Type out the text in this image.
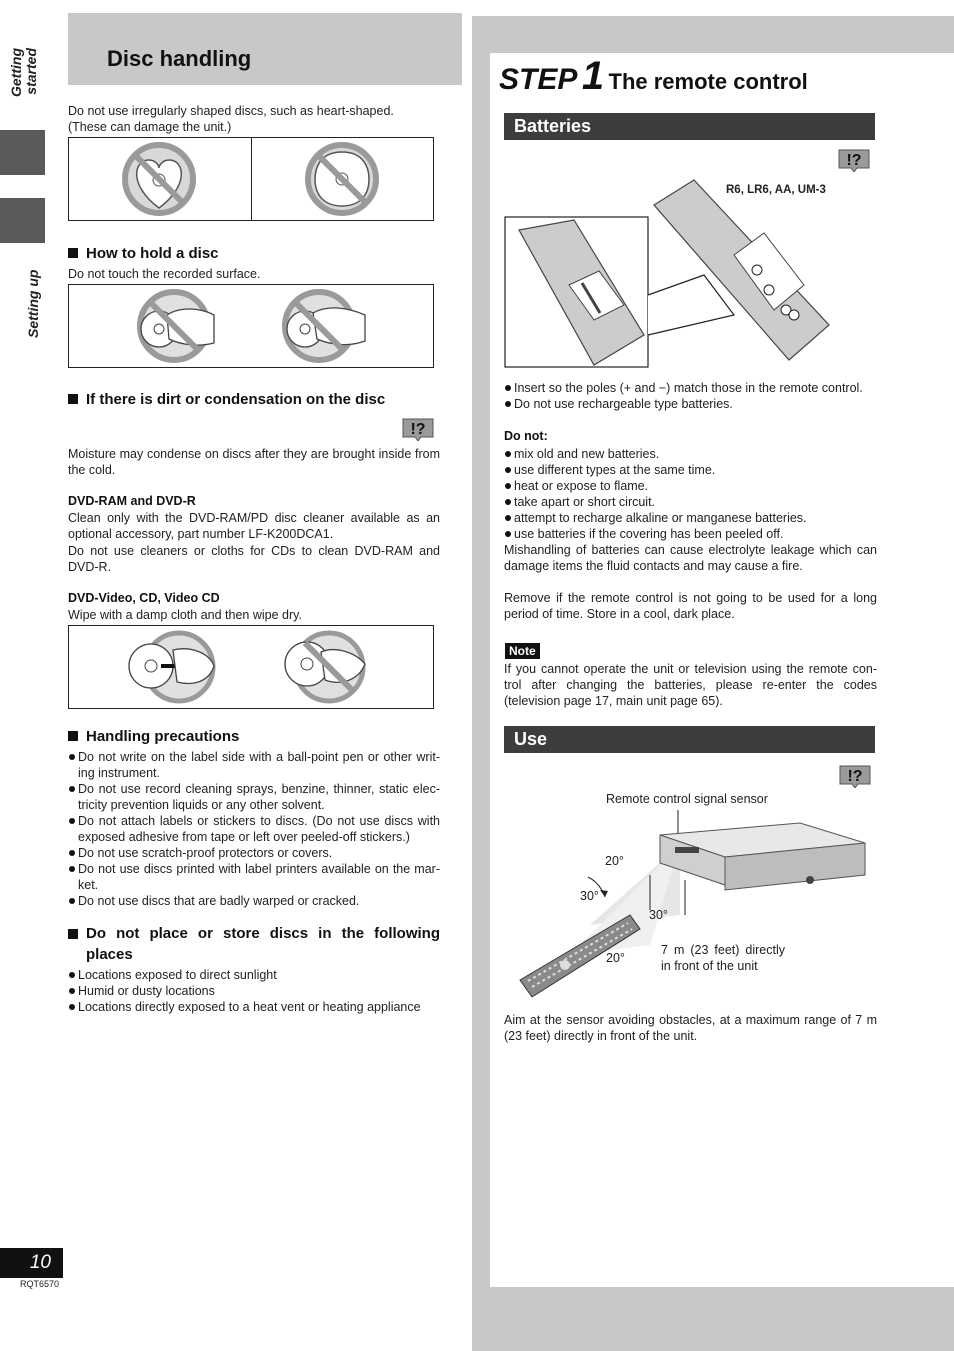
Getting started
Setting up
10
RQT6570
Disc handling
Do not use irregularly shaped discs, such as heart-shaped. (These can damage the unit.)
How to hold a disc
Do not touch the recorded surface.
If there is dirt or condensation on the disc
!?
Moisture may condense on discs after they are brought inside from the cold.
DVD-RAM and DVD-R
Clean only with the DVD-RAM/PD disc cleaner available as an optional accessory, part number LF-K200DCA1.
Do not use cleaners or cloths for CDs to clean DVD-RAM and DVD-R.
DVD-Video, CD, Video CD
Wipe with a damp cloth and then wipe dry.
Handling precautions
Do not write on the label side with a ball-point pen or other writ-ing instrument.
Do not use record cleaning sprays, benzine, thinner, static elec-tricity prevention liquids or any other solvent.
Do not attach labels or stickers to discs. (Do not use discs with exposed adhesive from tape or left over peeled-off stickers.)
Do not use scratch-proof protectors or covers.
Do not use discs printed with label printers available on the mar-ket.
Do not use discs that are badly warped or cracked.
Do not place or store discs in the following places
Locations exposed to direct sunlight
Humid or dusty locations
Locations directly exposed to a heat vent or heating appliance
STEP 1 The remote control
Batteries
!?
R6, LR6, AA, UM-3
Insert so the poles (+ and −) match those in the remote control.
Do not use rechargeable type batteries.
Do not:
mix old and new batteries.
use different types at the same time.
heat or expose to flame.
take apart or short circuit.
attempt to recharge alkaline or manganese batteries.
use batteries if the covering has been peeled off.
Mishandling of batteries can cause electrolyte leakage which can damage items the fluid contacts and may cause a fire.
Remove if the remote control is not going to be used for a long period of time. Store in a cool, dark place.
Note
If you cannot operate the unit or television using the remote con-trol after changing the batteries, please re-enter the codes (television page 17, main unit page 65).
Use
!?
Remote control signal sensor
20°
30°
30°
20°
7 m (23 feet) directly in front of the unit
Aim at the sensor avoiding obstacles, at a maximum range of 7 m (23 feet) directly in front of the unit.
